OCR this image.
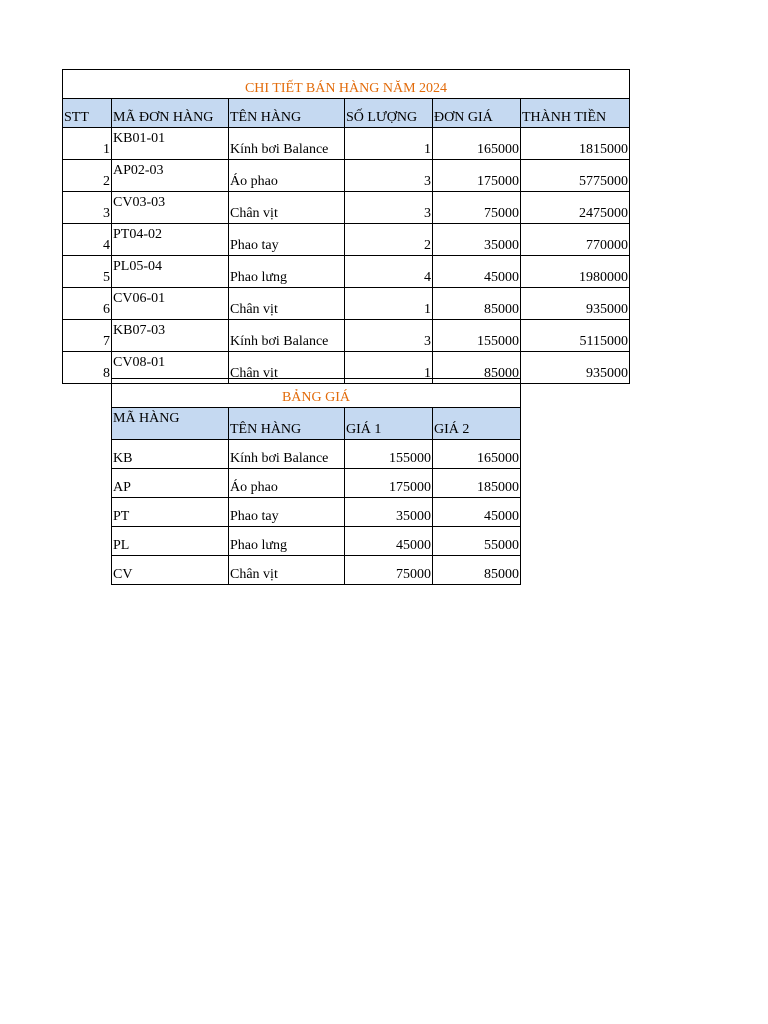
CHI TIẾT BÁN HÀNG NĂM 2024					
STT	MÃ ĐƠN HÀNG	TÊN HÀNG	SỐ LƯỢNG	ĐƠN GIÁ	THÀNH TIỀN
1	KB01-01	Kính bơi Balance	1	165000	1815000
2	AP02-03	Áo phao	3	175000	5775000
3	CV03-03	Chân vịt	3	75000	2475000
4	PT04-02	Phao tay	2	35000	770000
5	PL05-04	Phao lưng	4	45000	1980000
6	CV06-01	Chân vịt	1	85000	935000
7	KB07-03	Kính bơi Balance	3	155000	5115000
8	CV08-01	Chân vịt	1	85000	935000
BẢNG GIÁ			
MÃ HÀNG	TÊN HÀNG	GIÁ 1	GIÁ 2
KB	Kính bơi Balance	155000	165000
AP	Áo phao	175000	185000
PT	Phao tay	35000	45000
PL	Phao lưng	45000	55000
CV	Chân vịt	75000	85000
